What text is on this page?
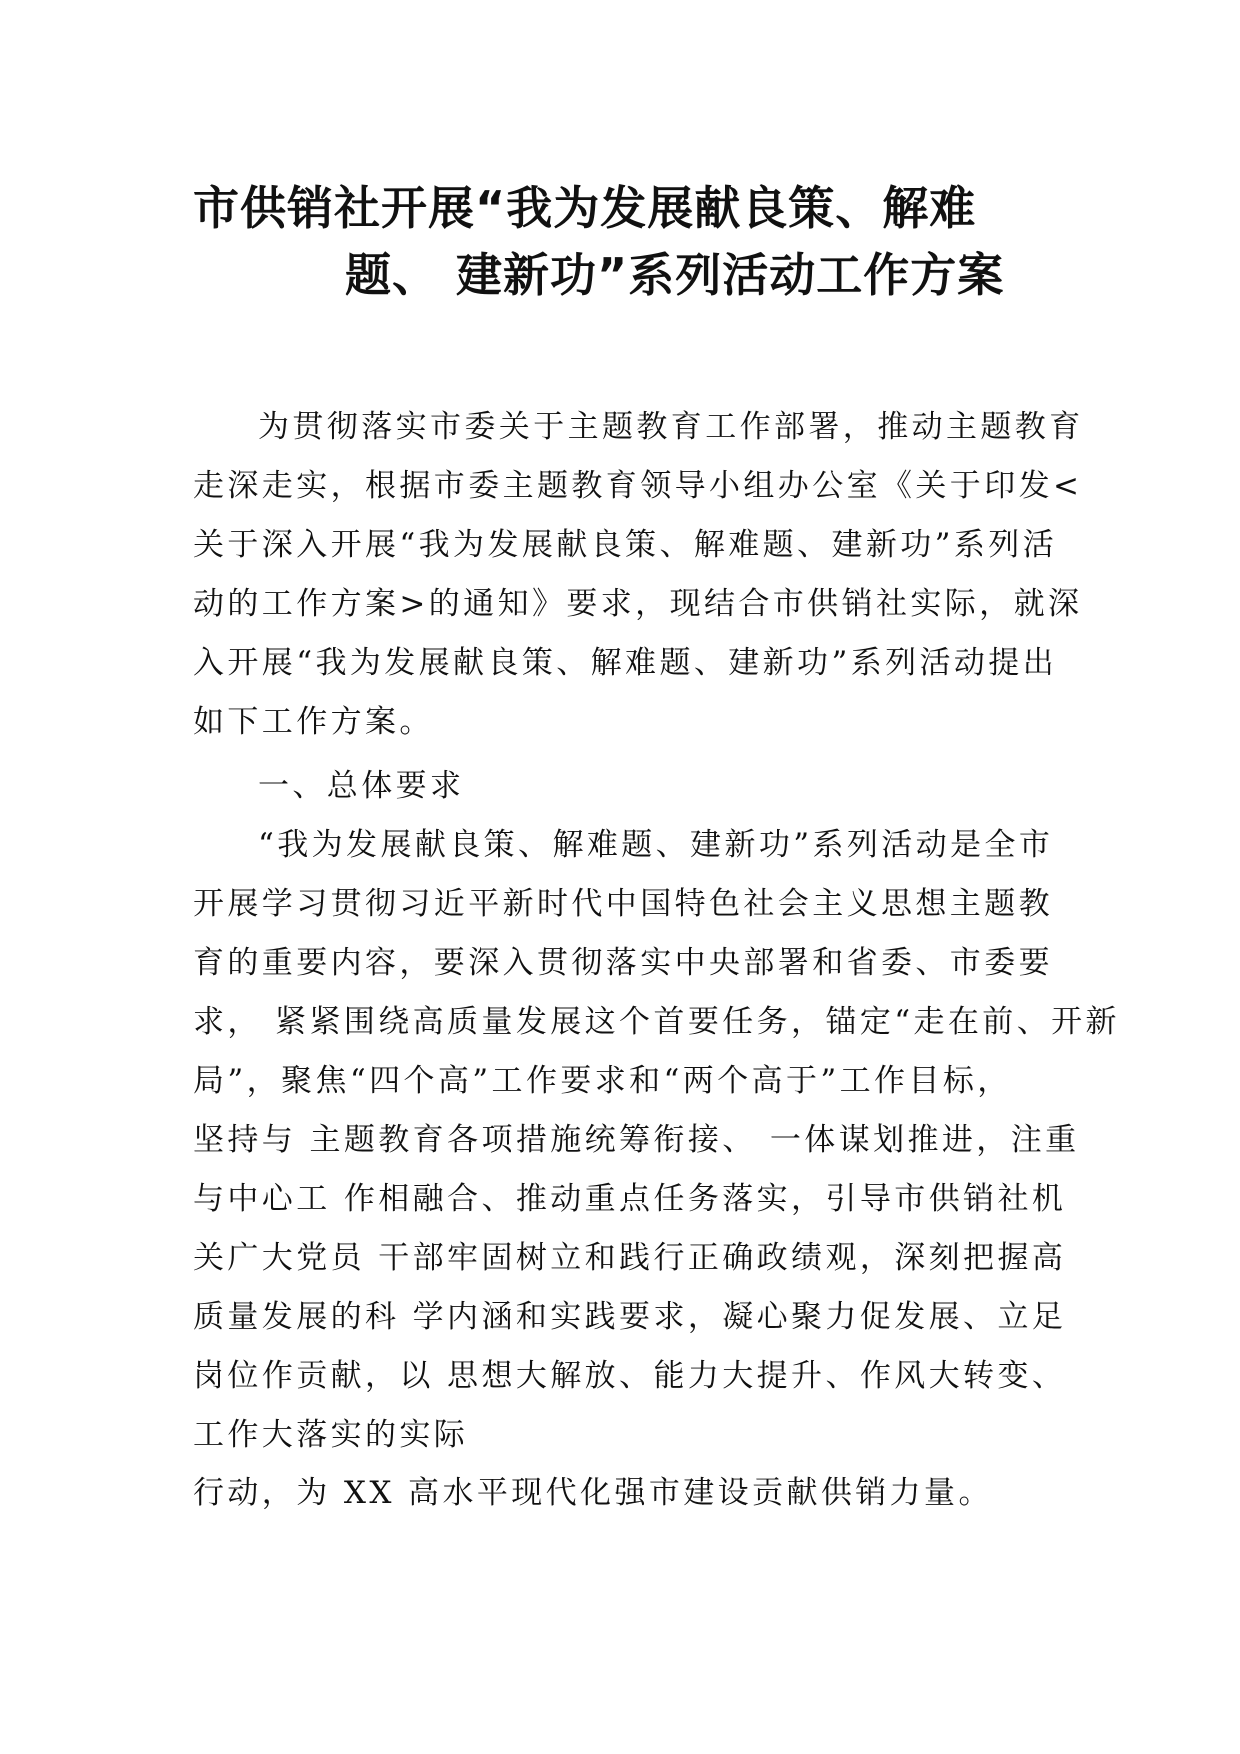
市供销社开展“我为发展献良策、解难
题、 建新功”系列活动工作方案
为贯彻落实市委关于主题教育工作部署，推动主题教育
走深走实，根据市委主题教育领导小组办公室《关于印发<
关于深入开展“我为发展献良策、解难题、建新功”系列活
动的工作方案>的通知》要求，现结合市供销社实际，就深
入开展“我为发展献良策、解难题、建新功”系列活动提出
如下工作方案。
一、总体要求
“我为发展献良策、解难题、建新功”系列活动是全市
开展学习贯彻习近平新时代中国特色社会主义思想主题教
育的重要内容，要深入贯彻落实中央部署和省委、市委要
求， 紧紧围绕高质量发展这个首要任务，锚定“走在前、开新
局”，聚焦“四个高”工作要求和“两个高于”工作目标，
坚持与 主题教育各项措施统筹衔接、 一体谋划推进，注重
与中心工 作相融合、推动重点任务落实，引导市供销社机
关广大党员 干部牢固树立和践行正确政绩观，深刻把握高
质量发展的科 学内涵和实践要求，凝心聚力促发展、立足
岗位作贡献，以 思想大解放、能力大提升、作风大转变、
工作大落实的实际
行动，为 XX 高水平现代化强市建设贡献供销力量。
